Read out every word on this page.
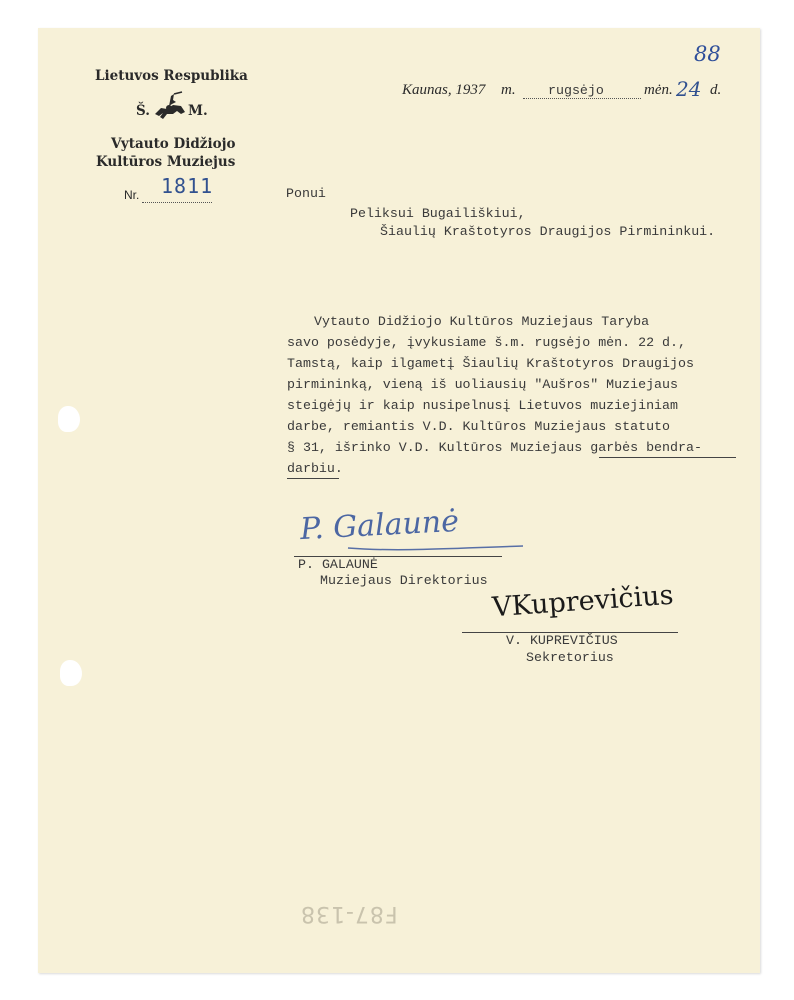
Lietuvos Respublika
Š.	M.
Vytauto Didžiojo
Kultūros Muziejus
Nr. 1811
Kaunas, 1937 m. rugsėjo	mėn. 24 d.
88
Ponui
Peliksui Bugailiškiui,
Šiaulių Kraštotyros Draugijos Pirmininkui.
Vytauto Didžiojo Kultūros Muziejaus Taryba
savo posėdyje, įvykusiame š.m. rugsėjo mėn. 22 d.,
Tamstą, kaip ilgametį Šiaulių Kraštotyros Draugijos
pirmininką, vieną iš uoliausių "Aušros" Muziejaus
steigėjų ir kaip nusipelnusį Lietuvos muziejiniam
darbe, remiantis V.D. Kultūros Muziejaus statuto
§ 31, išrinko V.D. Kultūros Muziejaus garbės bendra-
darbiu.
P. Galaunė
P. GALAUNĖ
Muziejaus Direktorius VKuprevičius
V. KUPREVIČIUS
Sekretorius
F87-138
